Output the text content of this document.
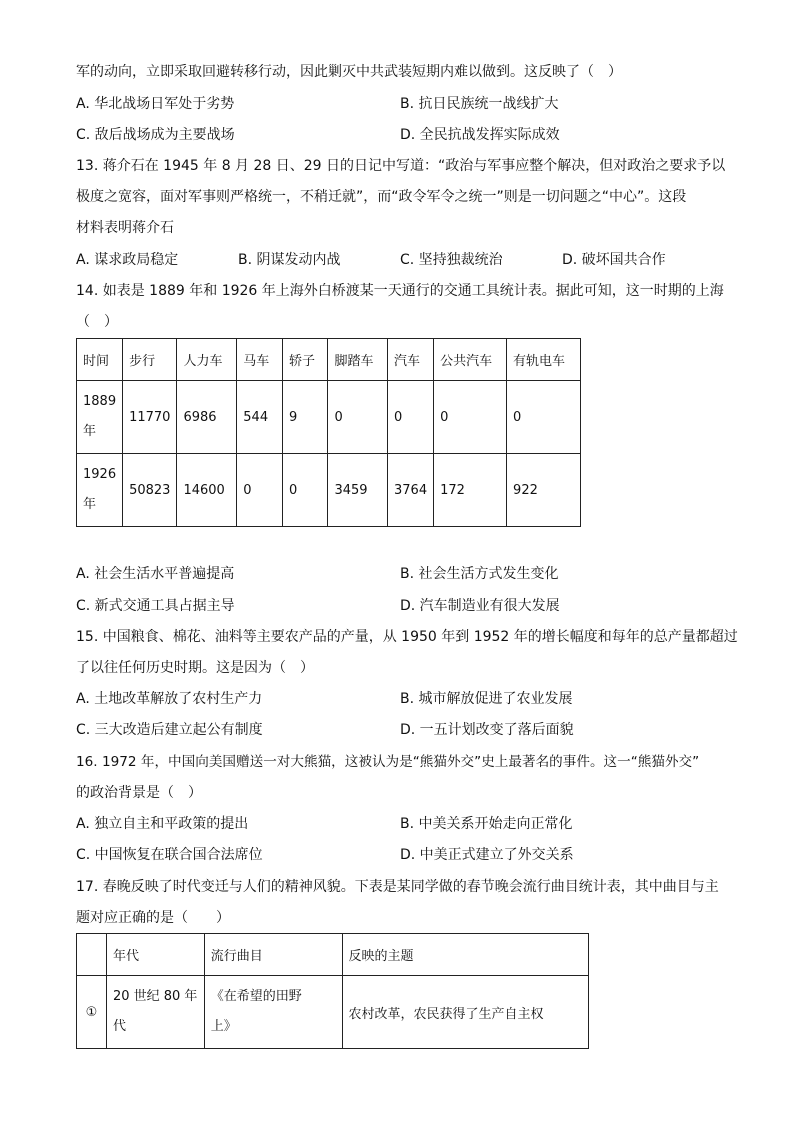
军的动向，立即采取回避转移行动，因此剿灭中共武装短期内难以做到。这反映了（　）
A. 华北战场日军处于劣势	B. 抗日民族统一战线扩大
C. 敌后战场成为主要战场	D. 全民抗战发挥实际成效
13. 蒋介石在 1945 年 8 月 28 日、29 日的日记中写道：“政治与军事应整个解决，但对政治之要求予以
极度之宽容，面对军事则严格统一，不稍迁就”，而“政令军令之统一”则是一切问题之“中心”。这段
材料表明蒋介石
A. 谋求政局稳定	B. 阴谋发动内战	C. 坚持独裁统治	D. 破坏国共合作
14. 如表是 1889 年和 1926 年上海外白桥渡某一天通行的交通工具统计表。据此可知，这一时期的上海
（　）
时间	步行	人力车	马车	轿子	脚踏车	汽车	公共汽车	有轨电车
1889
年	11770	6986	544	9	0	0	0	0
1926
年	50823	14600	0	0	3459	3764	172	922
A. 社会生活水平普遍提高	B. 社会生活方式发生变化
C. 新式交通工具占据主导	D. 汽车制造业有很大发展
15. 中国粮食、棉花、油料等主要农产品的产量，从 1950 年到 1952 年的增长幅度和每年的总产量都超过
了以往任何历史时期。这是因为（　）
A. 土地改革解放了农村生产力	B. 城市解放促进了农业发展
C. 三大改造后建立起公有制度	D. 一五计划改变了落后面貌
16. 1972 年，中国向美国赠送一对大熊猫，这被认为是“熊猫外交”史上最著名的事件。这一“熊猫外交”
的政治背景是（　）
A. 独立自主和平政策的提出	B. 中美关系开始走向正常化
C. 中国恢复在联合国合法席位	D. 中美正式建立了外交关系
17. 春晚反映了时代变迁与人们的精神风貌。下表是某同学做的春节晚会流行曲目统计表，其中曲目与主
题对应正确的是（　　）
	年代	流行曲目	反映的主题
①	20 世纪 80 年
代	《在希望的田野
上》	农村改革，农民获得了生产自主权
